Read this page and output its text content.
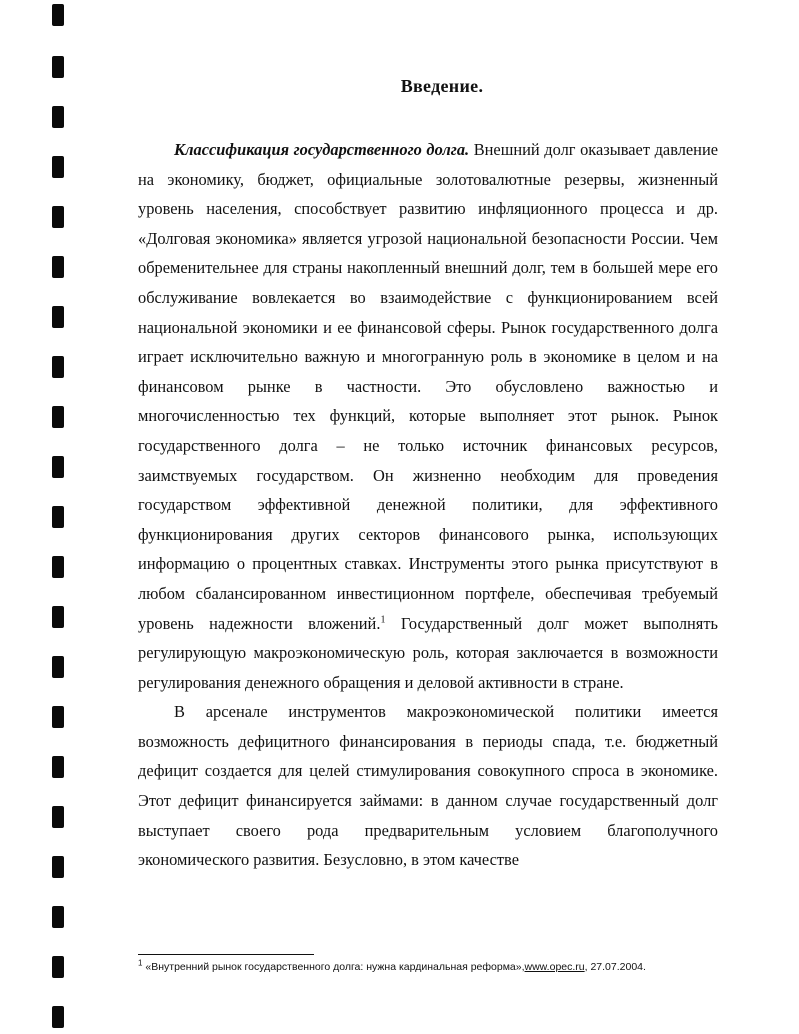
Введение.

Классификация государственного долга. Внешний долг оказывает давление на экономику, бюджет, официальные золотовалютные резервы, жизненный уровень населения, способствует развитию инфляционного процесса и др. «Долговая экономика» является угрозой национальной безопасности России. Чем обременительнее для страны накопленный внешний долг, тем в большей мере его обслуживание вовлекается во взаимодействие с функционированием всей национальной экономики и ее финансовой сферы. Рынок государственного долга играет исключительно важную и многогранную роль в экономике в целом и на финансовом рынке в частности. Это обусловлено важностью и многочисленностью тех функций, которые выполняет этот рынок. Рынок государственного долга – не только источник финансовых ресурсов, заимствуемых государством. Он жизненно необходим для проведения государством эффективной денежной политики, для эффективного функционирования других секторов финансового рынка, использующих информацию о процентных ставках. Инструменты этого рынка присутствуют в любом сбалансированном инвестиционном портфеле, обеспечивая требуемый уровень надежности вложений.$^1$ Государственный долг может выполнять регулирующую макроэкономическую роль, которая заключается в возможности регулирования денежного обращения и деловой активности в стране.

В арсенале инструментов макроэкономической политики имеется возможность дефицитного финансирования в периоды спада, т.е. бюджетный дефицит создается для целей стимулирования совокупного спроса в экономике. Этот дефицит финансируется займами: в данном случае государственный долг выступает своего рода предварительным условием благополучного экономического развития. Безусловно, в этом качестве

$^1$ «Внутренний рынок государственного долга: нужна кардинальная реформа»,www.opec.ru, 27.07.2004.
